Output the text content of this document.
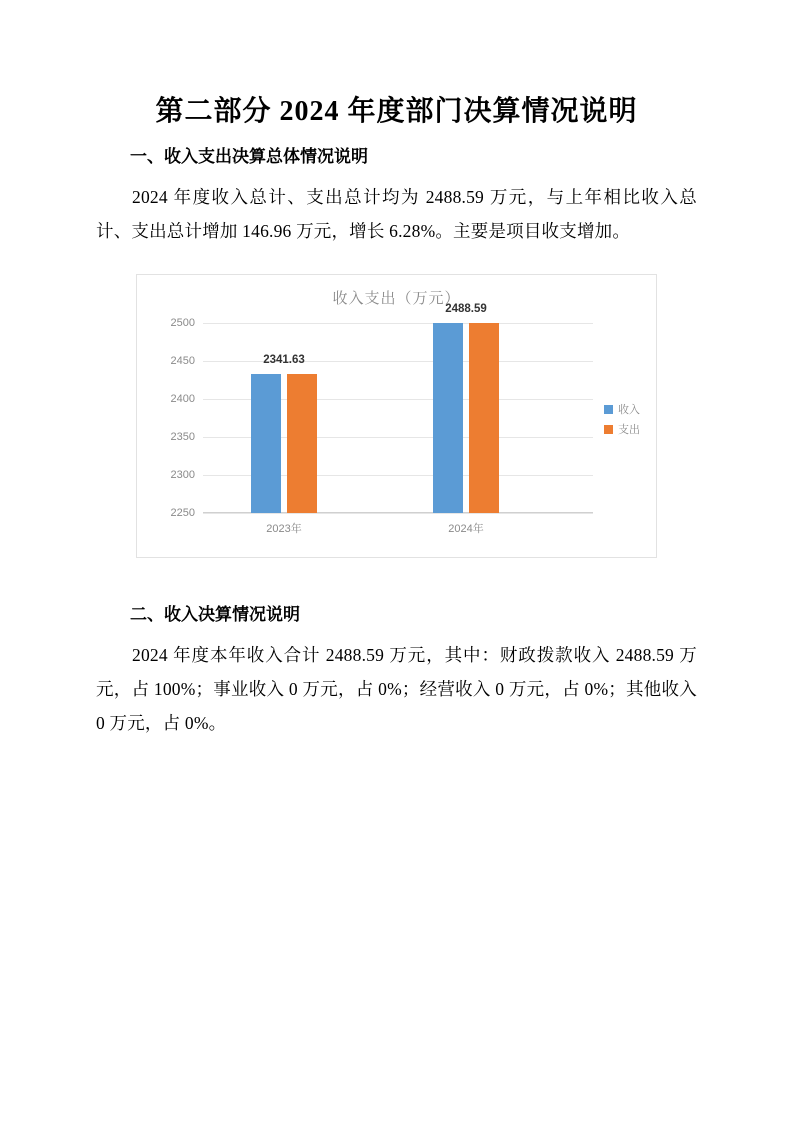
第二部分 2024 年度部门决算情况说明
一、收入支出决算总体情况说明

2024 年度收入总计、支出总计均为 2488.59 万元，与上年相比收入总计、支出总计增加 146.96 万元，增长 6.28%。主要是项目收支增加。

收入支出（万元）
2500
2450
2400
2350
2300
2250
2341.63
2023年
2488.59
2024年
收入
支出
二、收入决算情况说明

2024 年度本年收入合计 2488.59 万元，其中：财政拨款收入 2488.59 万元，占 100%；事业收入 0 万元，占 0%；经营收入 0 万元，占 0%；其他收入 0 万元，占 0%。
